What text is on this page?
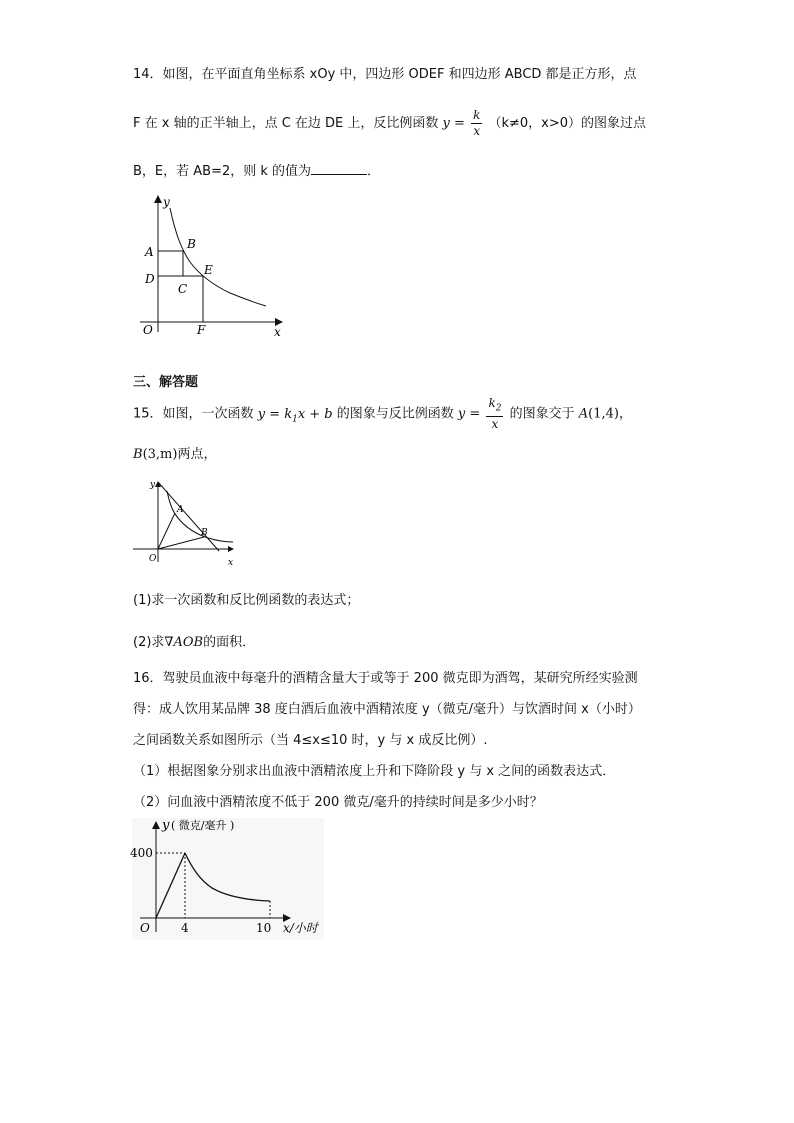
14．如图，在平面直角坐标系 xOy 中，四边形 ODEF 和四边形 ABCD 都是正方形，点
F 在 x 轴的正半轴上，点 C 在边 DE 上，反比例函数 $y = \frac{k}{x} (k\ne 0$，x>0）的图象过点
B，E，若 AB=2，则 k 的值为	．
y
x
O
A
B
C
D
E
F
三、解答题
15．如图，一次函数 $y = k_1x + b$ 的图象与反比例函数 $y = \frac{k_2}{x}$ 的图象交于 A(1,4)，
B(3,m)两点，
y
x
O
A
B
(1)求一次函数和反比例函数的表达式；
(2)求∇AOB的面积．
16．驾驶员血液中每毫升的酒精含量大于或等于 200 微克即为酒驾，某研究所经实验测
得：成人饮用某品牌 38 度白酒后血液中酒精浓度 y（微克/毫升）与饮酒时间 x（小时）
之间函数关系如图所示（当 4≤x≤10 时，y 与 x 成反比例）.
（1）根据图象分别求出血液中酒精浓度上升和下降阶段 y 与 x 之间的函数表达式．
（2）问血液中酒精浓度不低于 200 微克/毫升的持续时间是多少小时？
y ( 微克/毫升 )
x/小时
O
400
4	10
